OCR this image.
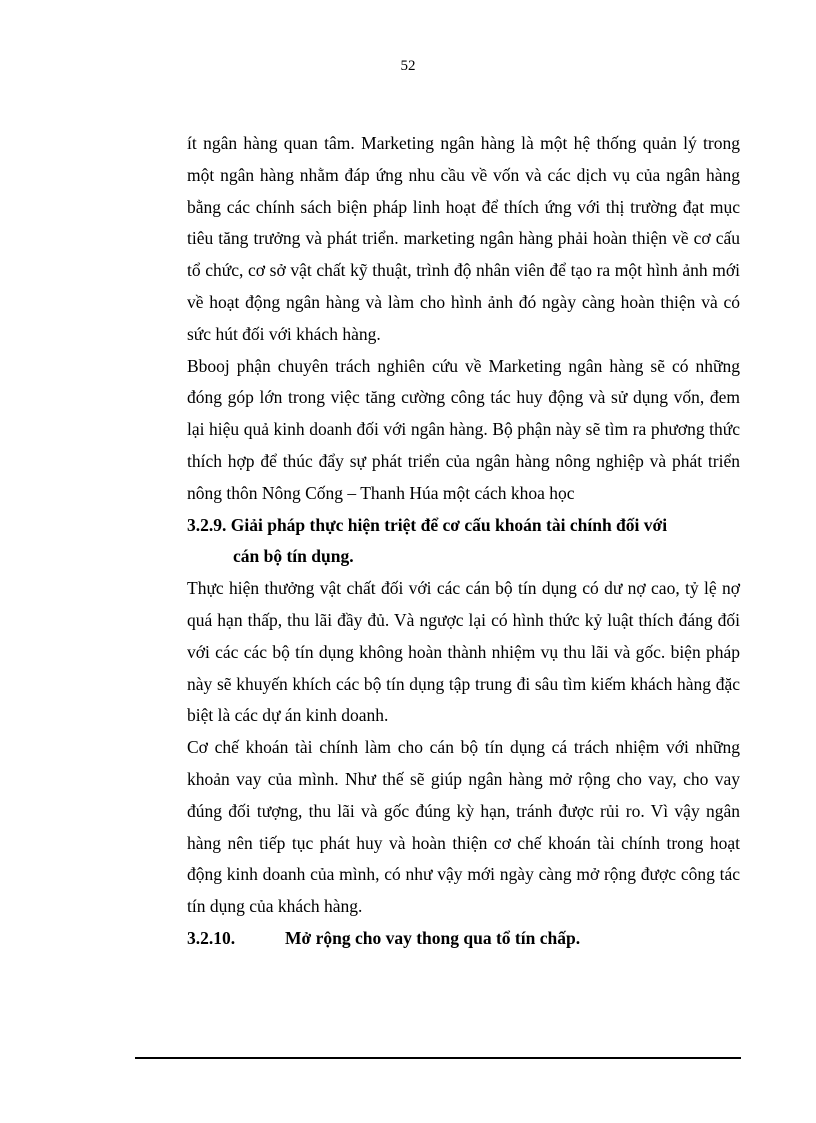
52

ít ngân hàng quan tâm. Marketing ngân hàng là một hệ thống quản lý trong một ngân hàng nhằm đáp ứng nhu cầu về vốn và các dịch vụ của ngân hàng bằng các chính sách biện pháp linh hoạt để thích ứng với thị trường đạt mục tiêu tăng trưởng và phát triển. marketing ngân hàng phải hoàn thiện về cơ cấu tổ chức, cơ sở vật chất kỹ thuật, trình độ nhân viên để tạo ra một hình ảnh mới về hoạt động ngân hàng và làm cho hình ảnh đó ngày càng hoàn thiện và có sức hút đối với khách hàng.

Bbooj phận chuyên trách nghiên cứu về Marketing ngân hàng sẽ có những đóng góp lớn trong việc tăng cường công tác huy động và sử dụng vốn, đem lại hiệu quả kinh doanh đối với ngân hàng. Bộ phận này sẽ tìm ra phương thức thích hợp để thúc đẩy sự phát triển của ngân hàng nông nghiệp và phát triển nông thôn Nông Cống – Thanh Húa một cách khoa học

3.2.9. Giải pháp thực hiện triệt để cơ cấu khoán tài chính đối với
cán bộ tín dụng.

Thực hiện thưởng vật chất đối với các cán bộ tín dụng có dư nợ cao, tỷ lệ nợ quá hạn thấp, thu lãi đầy đủ. Và ngược lại có hình thức kỷ luật thích đáng đối với các các bộ tín dụng không hoàn thành nhiệm vụ thu lãi và gốc. biện pháp này sẽ khuyến khích các bộ tín dụng tập trung đi sâu tìm kiếm khách hàng đặc biệt là các dự án kinh doanh.

Cơ chế khoán tài chính làm cho cán bộ tín dụng cá trách nhiệm với những khoản vay của mình. Như thế sẽ giúp ngân hàng mở rộng cho vay, cho vay đúng đối tượng, thu lãi và gốc đúng kỳ hạn, tránh được rủi ro. Vì vậy ngân hàng nên tiếp tục phát huy và hoàn thiện cơ chế khoán tài chính trong hoạt động kinh doanh của mình, có như vậy mới ngày càng mở rộng được công tác tín dụng của khách hàng.

3.2.10.	Mở rộng cho vay thong qua tổ tín chấp.
